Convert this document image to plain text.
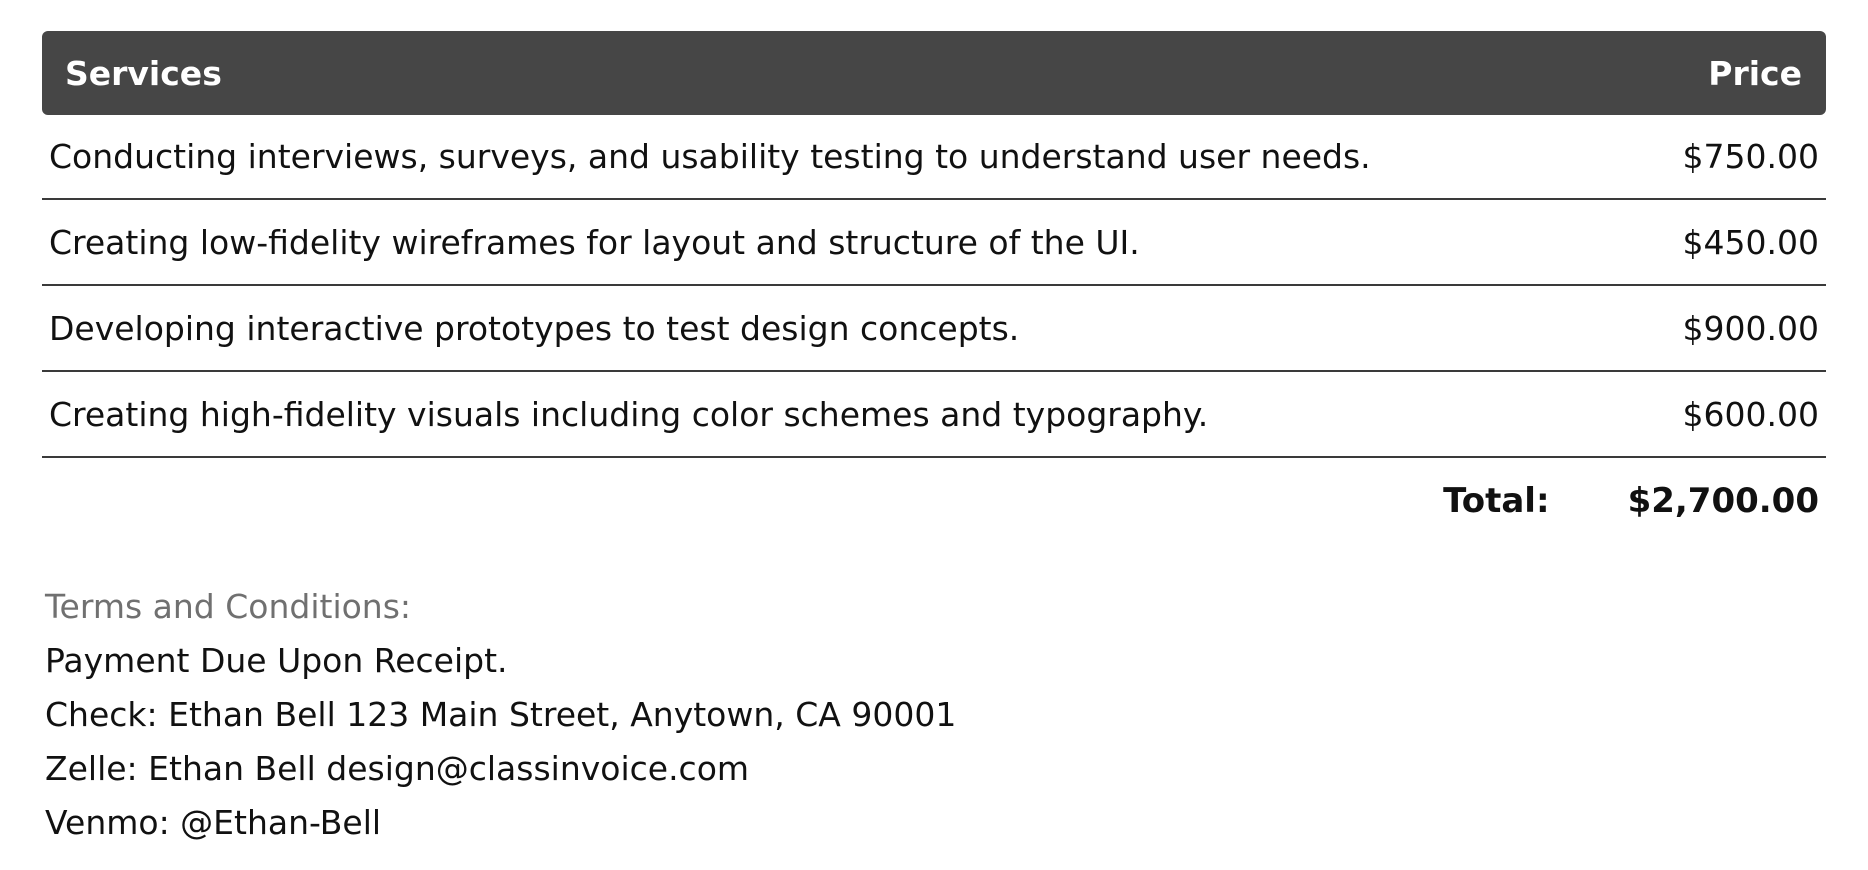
Services	Price
Conducting interviews, surveys, and usability testing to understand user needs.	$750.00
Creating low-fidelity wireframes for layout and structure of the UI.	$450.00
Developing interactive prototypes to test design concepts.	$900.00
Creating high-fidelity visuals including color schemes and typography.	$600.00
Total: $2,700.00
Terms and Conditions:
Payment Due Upon Receipt.
Check: Ethan Bell 123 Main Street, Anytown, CA 90001
Zelle: Ethan Bell design@classinvoice.com
Venmo: @Ethan-Bell
